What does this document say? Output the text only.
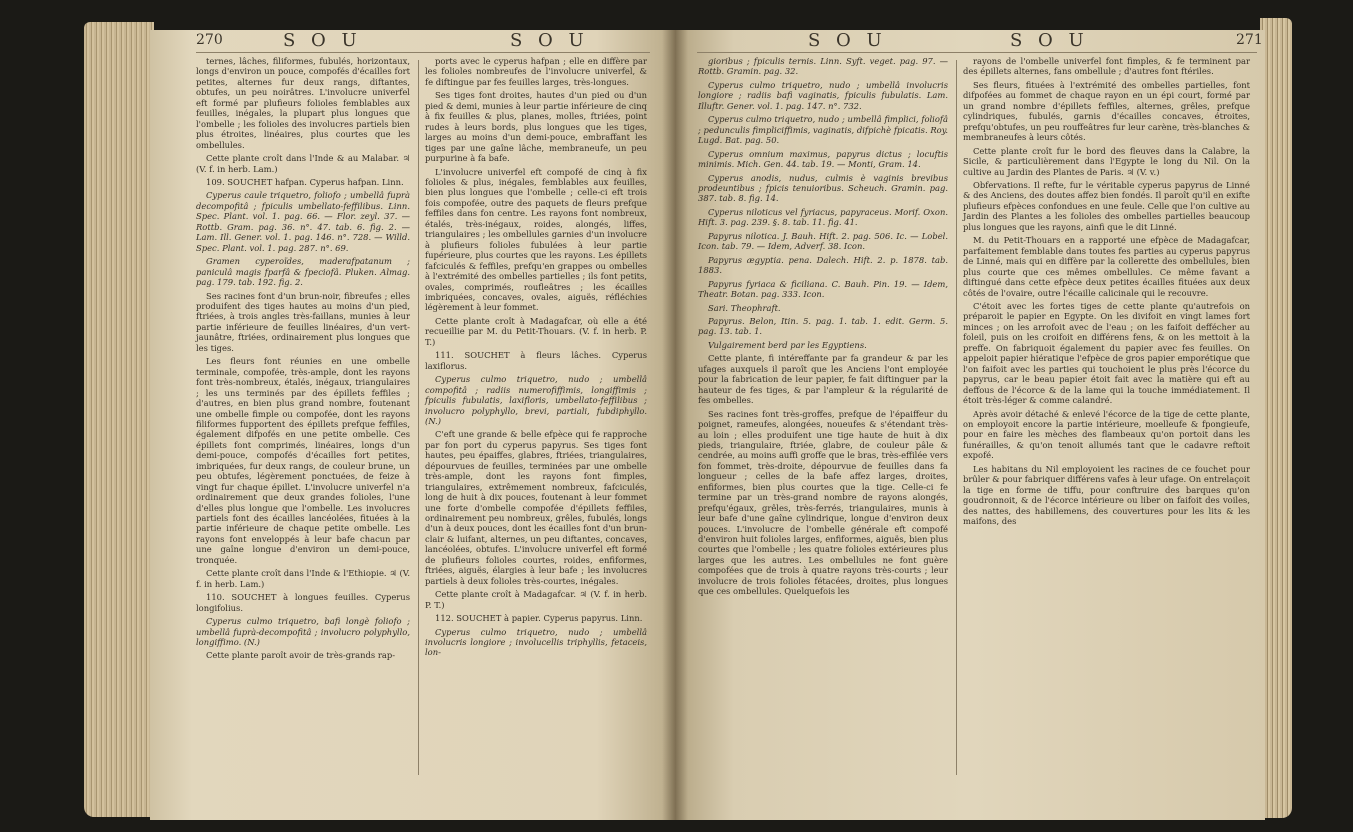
270	S O U	S O U	S O U	S O U	271

ternes, lâches, filiformes, fubulés, horizontaux, longs d'environ un pouce, compofés d'écailles fort petites, alternes fur deux rangs, diftantes, obtufes, un peu noirâtres. L'involucre univerfel eft formé par plufieurs folioles femblables aux feuilles, inégales, la plupart plus longues que l'ombelle ; les folioles des involucres partiels bien plus étroites, linéaires, plus courtes que les ombellules.

Cette plante croît dans l'Inde & au Malabar. ♃ (V. f. in herb. Lam.)

109. SOUCHET hafpan. Cyperus hafpan. Linn.

Cyperus caule triquetro, foliofo ; umbellâ fuprà decompofitâ ; fpiculis umbellato-feffilibus. Linn. Spec. Plant. vol. 1. pag. 66. — Flor. zeyl. 37. — Rottb. Gram. pag. 36. n°. 47. tab. 6. fig. 2. — Lam. Ill. Gener. vol. 1. pag. 146. n°. 728. — Willd. Spec. Plant. vol. 1. pag. 287. n°. 69.

Gramen cyperoïdes, maderafpatanum ; paniculâ magis fparfâ & fpeciofâ. Pluken. Almag. pag. 179. tab. 192. fig. 2.

Ses racines font d'un brun-noir, fibreufes ; elles produifent des tiges hautes au moins d'un pied, ftriées, à trois angles très-faillans, munies à leur partie inférieure de feuilles linéaires, d'un vert-jaunâtre, ftriées, ordinairement plus longues que les tiges.

Les fleurs font réunies en une ombelle terminale, compofée, très-ample, dont les rayons font très-nombreux, étalés, inégaux, triangulaires ; les uns terminés par des épillets feffiles ; d'autres, en bien plus grand nombre, foutenant une ombelle fimple ou compofée, dont les rayons filiformes fupportent des épillets prefque feffiles, également difpofés en une petite ombelle. Ces épillets font comprimés, linéaires, longs d'un demi-pouce, compofés d'écailles fort petites, imbriquées, fur deux rangs, de couleur brune, un peu obtufes, légèrement ponctuées, de feize à vingt fur chaque épillet. L'involucre univerfel n'a ordinairement que deux grandes folioles, l'une d'elles plus longue que l'ombelle. Les involucres partiels font des écailles lancéolées, fituées à la partie inférieure de chaque petite ombelle. Les rayons font enveloppés à leur bafe chacun par une gaîne longue d'environ un demi-pouce, tronquée.

Cette plante croît dans l'Inde & l'Ethiopie. ♃ (V. f. in herb. Lam.)

110. SOUCHET à longues feuilles. Cyperus longifolius.

Cyperus culmo triquetro, bafi longè foliofo ; umbellâ fuprà-decompofitâ ; involucro polyphyllo, longiffimo. (N.)

Cette plante paroît avoir de très-grands rap-

ports avec le cyperus hafpan ; elle en diffère par les folioles nombreufes de l'involucre univerfel, & fe diftingue par fes feuilles larges, très-longues.

Ses tiges font droites, hautes d'un pied ou d'un pied & demi, munies à leur partie inférieure de cinq à fix feuilles & plus, planes, molles, ftriées, point rudes à leurs bords, plus longues que les tiges, larges au moins d'un demi-pouce, embraffant les tiges par une gaîne lâche, membraneufe, un peu purpurine à fa bafe.

L'involucre univerfel eft compofé de cinq à fix folioles & plus, inégales, femblables aux feuilles, bien plus longues que l'ombelle ; celle-ci eft trois fois compofée, outre des paquets de fleurs prefque feffiles dans fon centre. Les rayons font nombreux, étalés, très-inégaux, roides, alongés, liffes, triangulaires ; les ombellules garnies d'un involucre à plufieurs folioles fubulées à leur partie fupérieure, plus courtes que les rayons. Les épillets fafciculés & feffiles, prefqu'en grappes ou ombelles à l'extrémité des ombelles partielles ; ils font petits, ovales, comprimés, roufleâtres ; les écailles imbriquées, concaves, ovales, aiguës, réfléchies légèrement à leur fommet.

Cette plante croît à Madagafcar, où elle a été recueillie par M. du Petit-Thouars. (V. f. in herb. P. T.)

111. SOUCHET à fleurs lâches. Cyperus laxiflorus.

Cyperus culmo triquetro, nudo ; umbellâ compofitâ ; radiis numerofiffimis, longiffimis ; fpiculis fubulatis, laxifloris, umbellato-feffilibus ; involucro polyphyllo, brevi, partiali, fubdiphyllo. (N.)

C'eft une grande & belle efpèce qui fe rapproche par fon port du cyperus papyrus. Ses tiges font hautes, peu épaiffes, glabres, ftriées, triangulaires, dépourvues de feuilles, terminées par une ombelle très-ample, dont les rayons font fimples, triangulaires, extrêmement nombreux, fafciculés, long de huit à dix pouces, foutenant à leur fommet une forte d'ombelle compofée d'épillets feffiles, ordinairement peu nombreux, grêles, fubulés, longs d'un à deux pouces, dont les écailles font d'un brun-clair & luifant, alternes, un peu diftantes, concaves, lancéolées, obtufes. L'involucre univerfel eft formé de plufieurs folioles courtes, roides, enfiformes, ftriées, aiguës, élargies à leur bafe ; les involucres partiels à deux folioles très-courtes, inégales.

Cette plante croît à Madagafcar. ♃ (V. f. in herb. P. T.)

112. SOUCHET à papier. Cyperus papyrus. Linn.

Cyperus culmo triquetro, nudo ; umbellâ involucris longiore ; involucellis triphyllis, fetaceis, lon-

gioribus ; fpiculis ternis. Linn. Syft. veget. pag. 97. — Rottb. Gramin. pag. 32.

Cyperus culmo triquetro, nudo ; umbellâ involucris longiore ; radiis bafi vaginatis, fpiculis fubulatis. Lam. Illuftr. Gener. vol. 1. pag. 147. n°. 732.

Cyperus culmo triquetro, nudo ; umbellâ fimplici, foliofâ ; pedunculis fimpliciffimis, vaginatis, difpichè fpicatis. Roy. Lugd. Bat. pag. 50.

Cyperus omnium maximus, papyrus dictus ; locuftis minimis. Mich. Gen. 44. tab. 19. — Monti, Gram. 14.

Cyperus anodis, nudus, culmis è vaginis brevibus prodeuntibus ; fpicis tenuioribus. Scheuch. Gramin. pag. 387. tab. 8. fig. 14.

Cyperus niloticus vel fyriacus, papyraceus. Morif. Oxon. Hift. 3. pag. 239. §. 8. tab. 11. fig. 41.

Papyrus nilotica. J. Bauh. Hift. 2. pag. 506. Ic. — Lobel. Icon. tab. 79. — Idem, Adverf. 38. Icon.

Papyrus ægyptia. pena. Dalech. Hift. 2. p. 1878. tab. 1883.

Papyrus fyriaca & ficiliana. C. Bauh. Pin. 19. — Idem, Theatr. Botan. pag. 333. Icon.

Sari. Theophraft.

Papyrus. Belon, Itin. 5. pag. 1. tab. 1. edit. Germ. 5. pag. 13. tab. 1.

Vulgairement berd par les Egyptiens.

Cette plante, fi intéreffante par fa grandeur & par les ufages auxquels il paroît que les Anciens l'ont employée pour la fabrication de leur papier, fe fait diftinguer par la hauteur de fes tiges, & par l'ampleur & la régularité de fes ombelles.

Ses racines font très-groffes, prefque de l'épaiffeur du poignet, rameufes, alongées, noueufes & s'étendant très-au loin ; elles produifent une tige haute de huit à dix pieds, triangulaire, ftriée, glabre, de couleur pâle & cendrée, au moins auffi groffe que le bras, très-effilée vers fon fommet, très-droite, dépourvue de feuilles dans fa longueur ; celles de la bafe affez larges, droites, enfiformes, bien plus courtes que la tige. Celle-ci fe termine par un très-grand nombre de rayons alongés, prefqu'égaux, grêles, très-ferrés, triangulaires, munis à leur bafe d'une gaîne cylindrique, longue d'environ deux pouces. L'involucre de l'ombelle générale eft compofé d'environ huit folioles larges, enfiformes, aiguës, bien plus courtes que l'ombelle ; les quatre folioles extérieures plus larges que les autres. Les ombellules ne font guère compofées que de trois à quatre rayons très-courts ; leur involucre de trois folioles fétacées, droites, plus longues que ces ombellules. Quelquefois les

rayons de l'ombelle univerfel font fimples, & fe terminent par des épillets alternes, fans ombellule ; d'autres font ftériles.

Ses fleurs, fituées à l'extrémité des ombelles partielles, font difpofées au fommet de chaque rayon en un épi court, formé par un grand nombre d'épillets feffiles, alternes, grêles, prefque cylindriques, fubulés, garnis d'écailles concaves, étroites, prefqu'obtufes, un peu rouffeâtres fur leur carène, très-blanches & membraneufes à leurs côtés.

Cette plante croît fur le bord des fleuves dans la Calabre, la Sicile, & particulièrement dans l'Egypte le long du Nil. On la cultive au Jardin des Plantes de Paris. ♃ (V. v.)

Obfervations. Il refte, fur le véritable cyperus papyrus de Linné & des Anciens, des doutes affez bien fondés. Il paroît qu'il en exifte plufieurs efpèces confondues en une feule. Celle que l'on cultive au Jardin des Plantes a les folioles des ombelles partielles beaucoup plus longues que les rayons, ainfi que le dit Linné.

M. du Petit-Thouars en a rapporté une efpèce de Madagafcar, parfaitement femblable dans toutes fes parties au cyperus papyrus de Linné, mais qui en diffère par la collerette des ombellules, bien plus courte que ces mêmes ombellules. Ce même favant a diftingué dans cette efpèce deux petites écailles fituées aux deux côtés de l'ovaire, outre l'écaille calicinale qui le recouvre.

C'étoit avec les fortes tiges de cette plante qu'autrefois on préparoit le papier en Egypte. On les divifoit en vingt lames fort minces ; on les arrofoit avec de l'eau ; on les faifoit deffécher au foleil, puis on les croifoit en différens fens, & on les mettoit à la preffe. On fabriquoit également du papier avec fes feuilles. On appeloit papier hiératique l'efpèce de gros papier emporétique que l'on faifoit avec les parties qui touchoient le plus près l'écorce du papyrus, car le beau papier étoit fait avec la matière qui eft au deffous de l'écorce & de la lame qui la touche immédiatement. Il étoit très-léger & comme calandré.

Après avoir détaché & enlevé l'écorce de la tige de cette plante, on employoit encore la partie intérieure, moelleufe & fpongieufe, pour en faire les mèches des flambeaux qu'on portoit dans les funérailles, & qu'on tenoit allumés tant que le cadavre reftoit expofé.

Les habitans du Nil employoient les racines de ce fouchet pour brûler & pour fabriquer différens vafes à leur ufage. On entrelaçoit la tige en forme de tiffu, pour conftruire des barques qu'on goudronnoit, & de l'écorce intérieure ou liber on faifoit des voiles, des nattes, des habillemens, des couvertures pour les lits & les maifons, des
